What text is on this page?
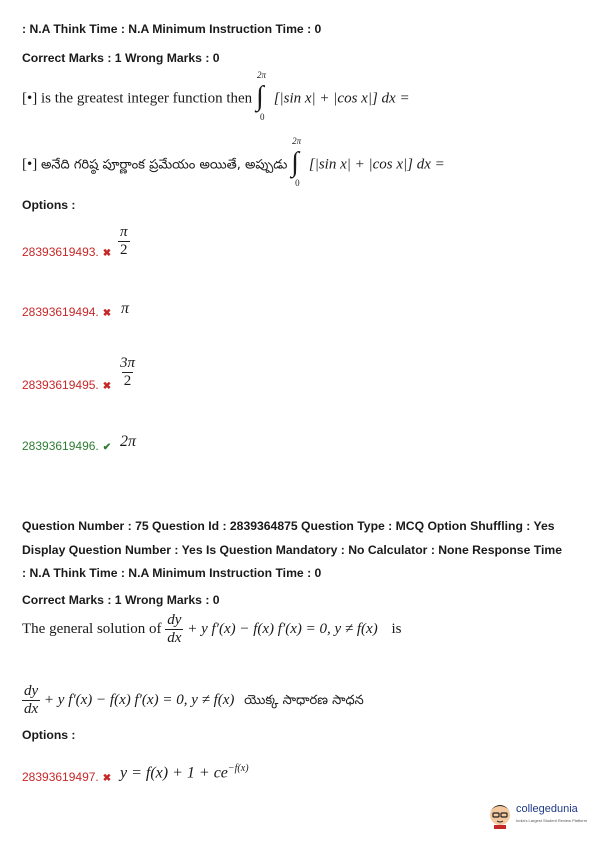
: N.A Think Time : N.A Minimum Instruction Time : 0
Correct Marks : 1 Wrong Marks : 0
[•] is the greatest integer function then ∫
2π
0
[|sin x| + |cos x|] dx =
[•] అనేది గరిష్ఠ పూర్ణాంక ప్రమేయం అయితే, అప్పుడు ∫
2π
0
[|sin x| + |cos x|] dx =
Options :
28393619493. ✖ $\frac{\pi}{2}$
28393619494. ✖ π
28393619495. ✖ $\frac{3\pi}{2}$
28393619496. ✔ 2π
Question Number : 75 Question Id : 2839364875 Question Type : MCQ Option Shuffling : Yes
Display Question Number : Yes Is Question Mandatory : No Calculator : None Response Time
: N.A Think Time : N.A Minimum Instruction Time : 0
Correct Marks : 1 Wrong Marks : 0
The general solution of $\frac{dy}{dx} + y$ f′(x) − f(x) f′(x) = 0, y ≠ f(x) is
$\frac{dy}{dx} + y$ f′(x) − f(x) f′(x) = 0, y ≠ f(x) యొక్క సాధారణ సాధన
Options :
28393619497. ✖ $y = f(x) + 1 + ce^{-f(x)}$
collegedunia
India's Largest Student Review Platform
